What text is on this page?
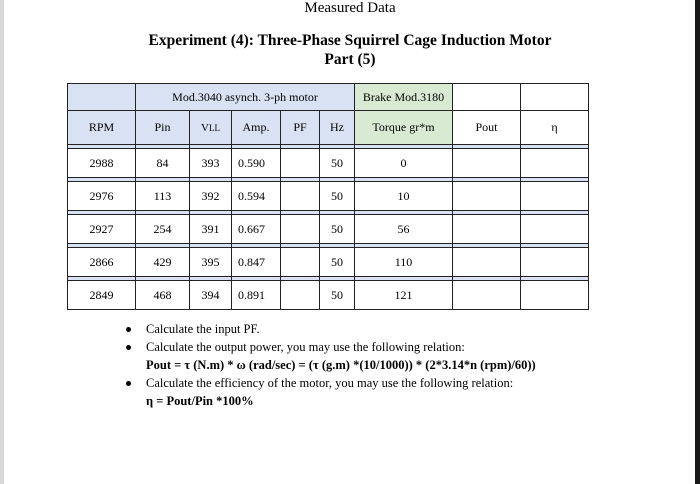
Measured Data
Experiment (4): Three-Phase Squirrel Cage Induction Motor
Part (5)
	Mod.3040 asynch. 3-ph motor					Brake Mod.3180		
RPM	Pin	VLL	Amp.	PF	Hz	Torque gr*m	Pout	η

2988	84	393	0.590		50	0		

2976	113	392	0.594		50	10		

2927	254	391	0.667		50	56		

2866	429	395	0.847		50	110		

2849	468	394	0.891		50	121		
Calculate the input PF.
Calculate the output power, you may use the following relation:
Pout = τ (N.m) * ω (rad/sec) = (τ (g.m) *(10/1000)) * (2*3.14*n (rpm)/60))
Calculate the efficiency of the motor, you may use the following relation:
η = Pout/Pin *100%
